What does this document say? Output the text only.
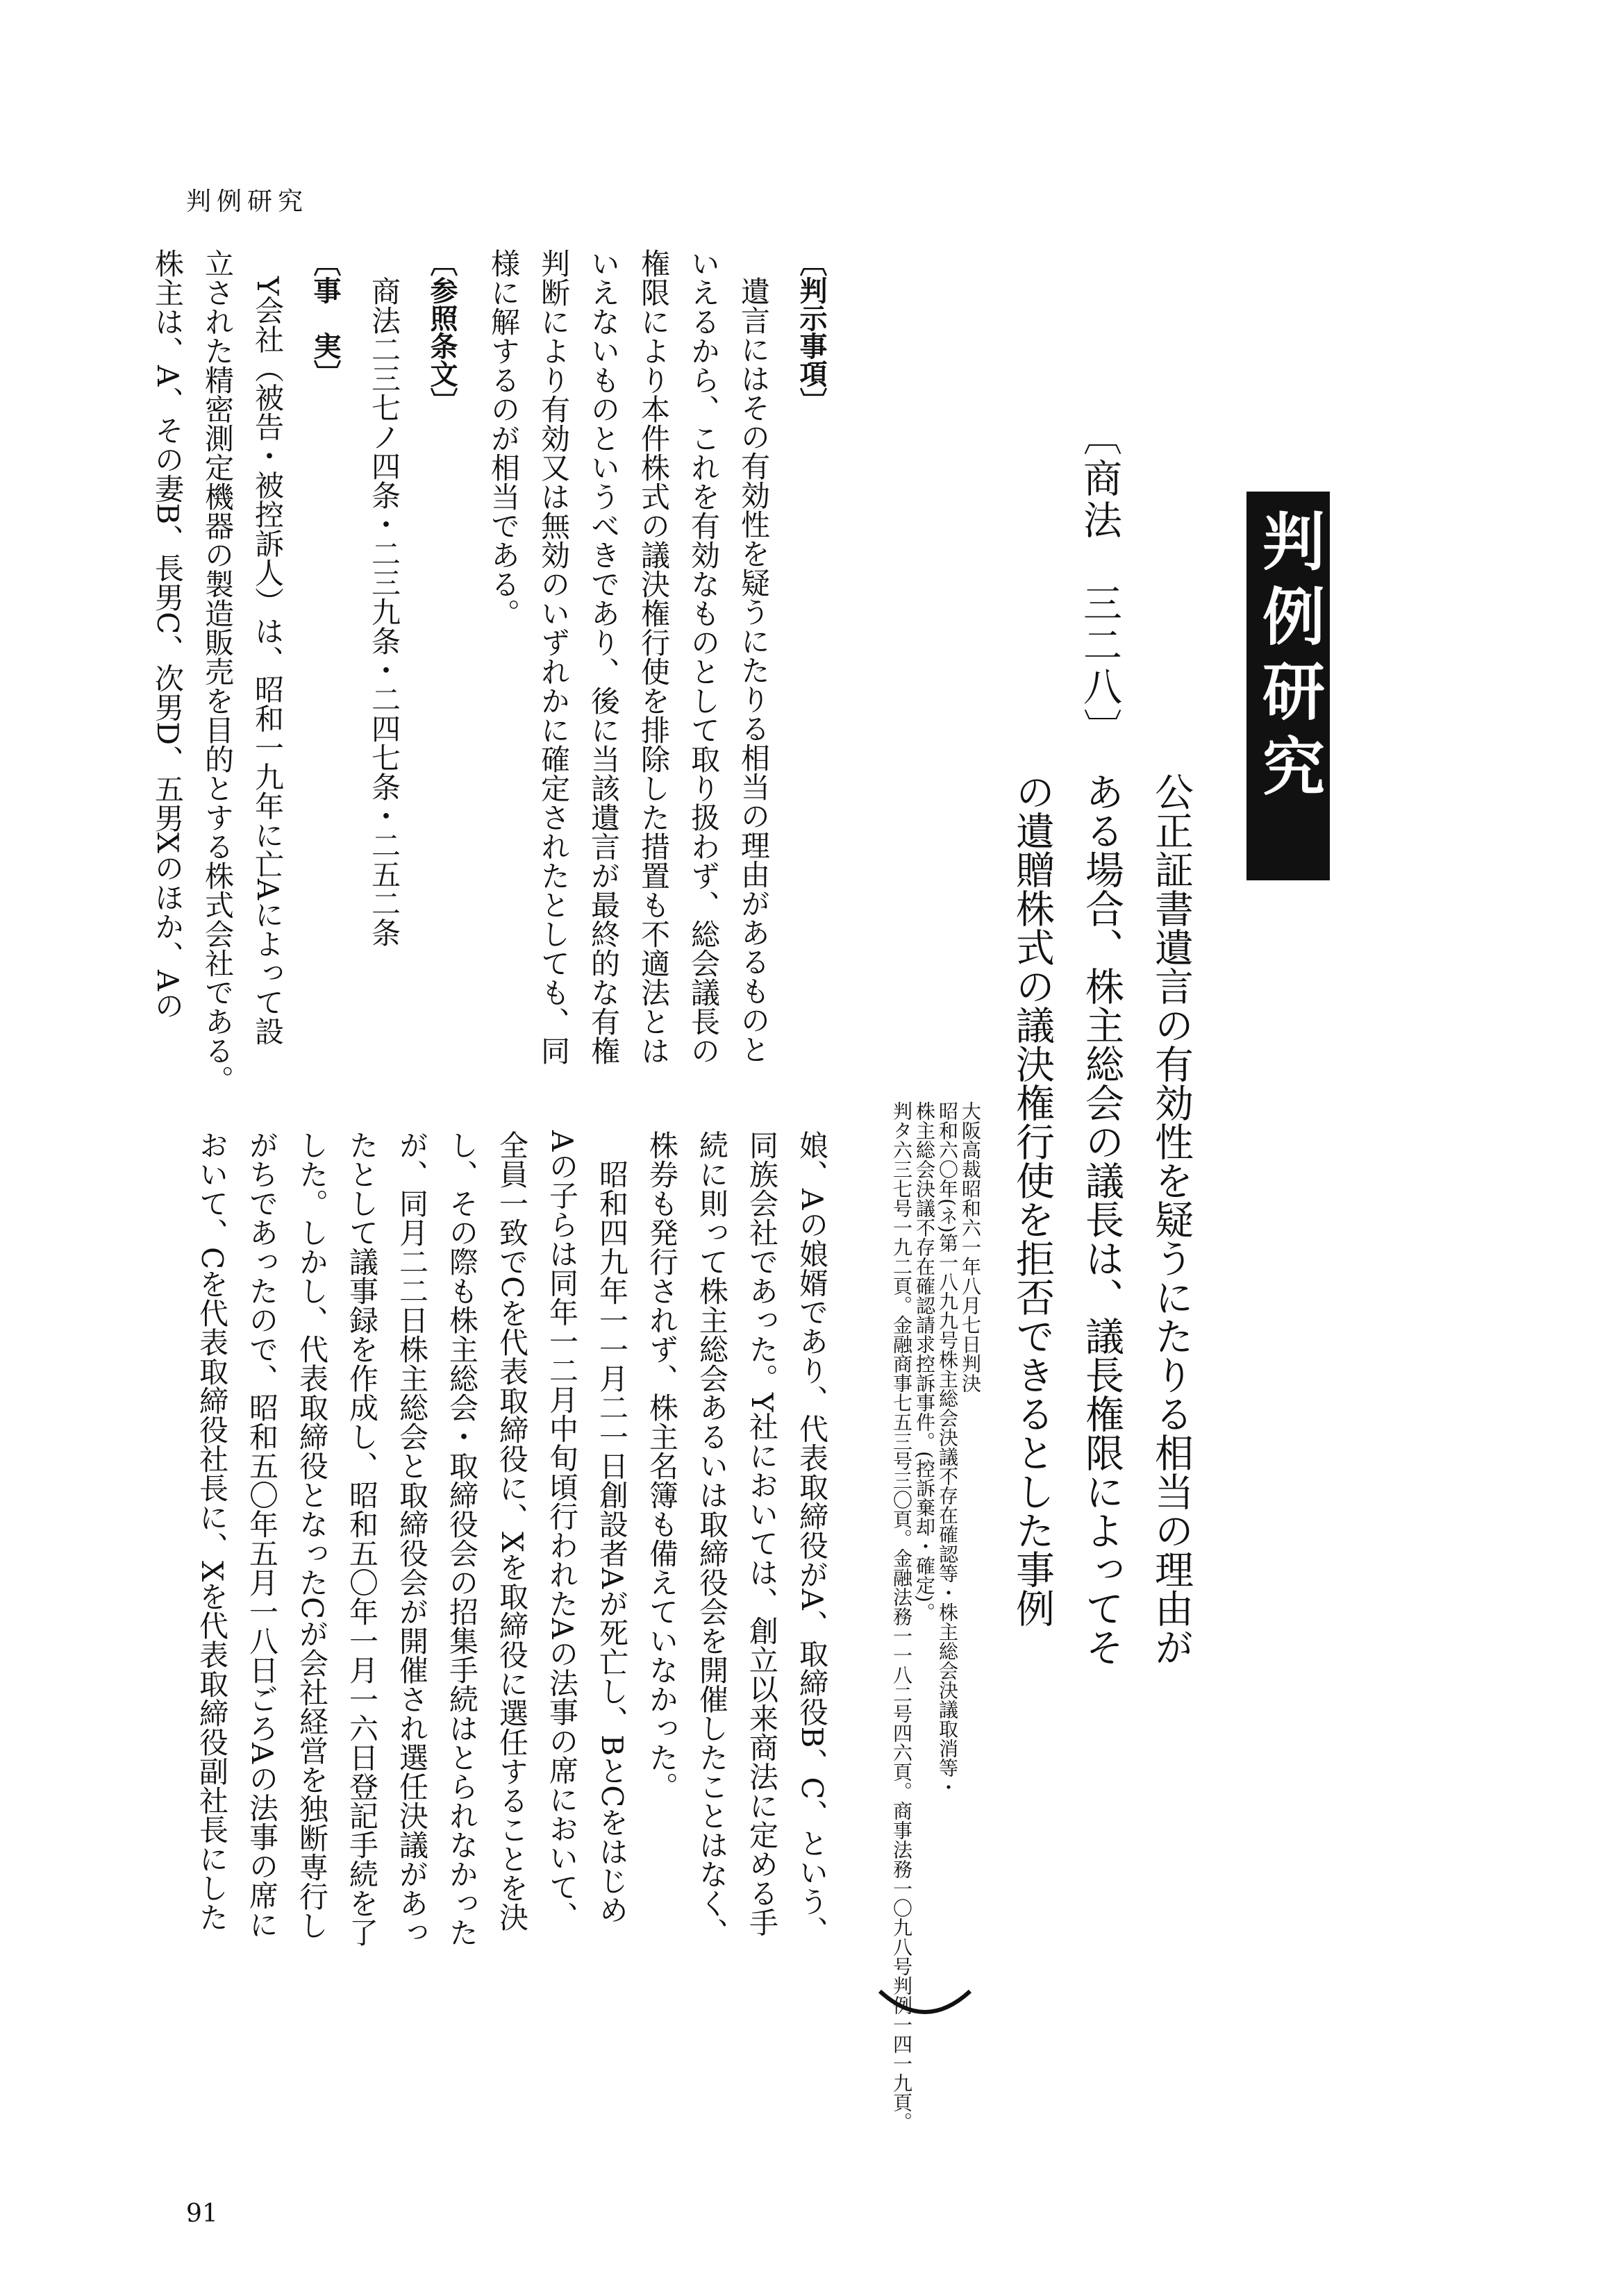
判例研究
判例研究
〔商法　三二八〕
公正証書遺言の有効性を疑うにたりる相当の理由が
ある場合、株主総会の議長は、議長権限によってそ
の遺贈株式の議決権行使を拒否できるとした事例
大阪高裁昭和六一年八月七日判決
昭和六〇年(ネ)第一八九九号株主総会決議不存在確認等・株主総会決議取消等・
株主総会決議不存在確認請求控訴事件。(控訴棄却・確定)。
判タ六三七号一九二頁。金融商事七五三号三〇頁。金融法務一一八二号四六頁。商事法務一〇九八号判例一四一九頁。
〔判示事項〕
遺言にはその有効性を疑うにたりる相当の理由があるものと
いえるから、これを有効なものとして取り扱わず、総会議長の
権限により本件株式の議決権行使を排除した措置も不適法とは
いえないものというべきであり、後に当該遺言が最終的な有権
判断により有効又は無効のいずれかに確定されたとしても、同
様に解するのが相当である。
〔参照条文〕
商法二三七ノ四条・二三九条・二四七条・二五二条
〔事　実〕
Y会社（被告・被控訴人）は、昭和一九年に亡Aによって設
立された精密測定機器の製造販売を目的とする株式会社である。
株主は、A、その妻B、長男C、次男D、五男Xのほか、Aの
娘、Aの娘婿であり、代表取締役がA、取締役B、C、という、
同族会社であった。Y社においては、創立以来商法に定める手
続に則って株主総会あるいは取締役会を開催したことはなく、
株券も発行されず、株主名簿も備えていなかった。
昭和四九年一一月二一日創設者Aが死亡し、BとCをはじめ
Aの子らは同年一二月中旬頃行われたAの法事の席において、
全員一致でCを代表取締役に、Xを取締役に選任することを決
し、その際も株主総会・取締役会の招集手続はとられなかった
が、同月二二日株主総会と取締役会が開催され選任決議があっ
たとして議事録を作成し、昭和五〇年一月一六日登記手続を了
した。しかし、代表取締役となったCが会社経営を独断専行し
がちであったので、昭和五〇年五月一八日ごろAの法事の席に
おいて、Cを代表取締役社長に、Xを代表取締役副社長にした
91
